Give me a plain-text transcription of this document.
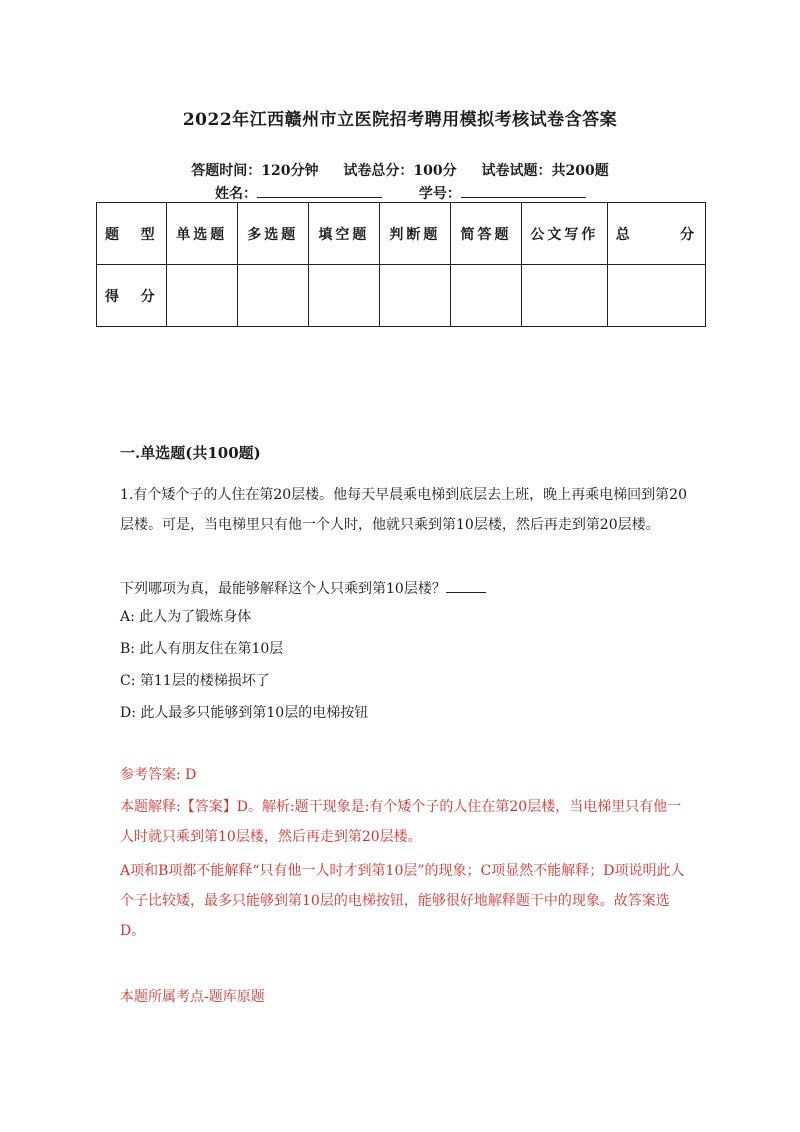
2022年江西赣州市立医院招考聘用模拟考核试卷含答案
答题时间：120分钟 试卷总分：100分 试卷试题：共200题
姓名：	学号：
题 型	单选题	多选题	填空题	判断题	简答题	公文写作	总 分

得 分							

一.单选题(共100题)
1.有个矮个子的人住在第20层楼。他每天早晨乘电梯到底层去上班，晚上再乘电梯回到第20层楼。可是，当电梯里只有他一个人时，他就只乘到第10层楼，然后再走到第20层楼。
下列哪项为真，最能够解释这个人只乘到第10层楼？
A: 此人为了锻炼身体
B: 此人有朋友住在第10层
C: 第11层的楼梯损坏了
D: 此人最多只能够到第10层的电梯按钮
参考答案: D
本题解释:【答案】D。解析:题干现象是:有个矮个子的人住在第20层楼，当电梯里只有他一人时就只乘到第10层楼，然后再走到第20层楼。
A项和B项都不能解释“只有他一人时才到第10层”的现象；C项显然不能解释；D项说明此人个子比较矮，最多只能够到第10层的电梯按钮，能够很好地解释题干中的现象。故答案选D。
本题所属考点-题库原题
